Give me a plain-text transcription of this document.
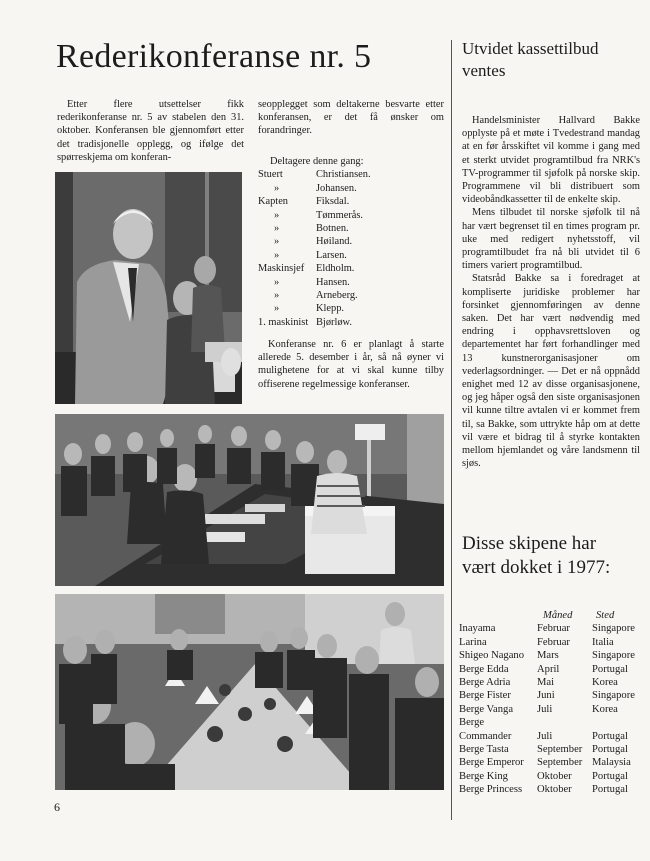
Rederikonferanse nr. 5

Etter flere utsettelser fikk rederikonferanse nr. 5 av stabelen den 31. oktober. Konferansen ble gjennomført etter det tradisjonelle opplegg, og ifølge det spørreskjema om konferan-

seopplegget som deltakerne besvarte etter konferansen, er det få ønsker om forandringer.

Deltagere denne gang:
Stuert	Christiansen.
»	Johansen.
Kapten	Fiksdal.
»	Tømmerås.
»	Botnen.
»	Høiland.
»	Larsen.
Maskinsjef	Eldholm.
»	Hansen.
»	Arneberg.
»	Klepp.
1. maskinist Bjørløw.

Konferanse nr. 6 er planlagt å starte allerede 5. desember i år, så nå øyner vi mulighetene for at vi skal kunne tilby offiserene regelmessige konferanser.

Utvidet kassettilbud ventes

Handelsminister Hallvard Bakke opplyste på et møte i Tvedestrand mandag at en før årsskiftet vil komme i gang med et sterkt utvidet programtilbud fra NRK's TV-programmer til sjøfolk på norske skip. Programmene vil bli distribuert som videobåndkassetter til de enkelte skip.

Mens tilbudet til norske sjøfolk til nå har vært begrenset til en times program pr. uke med redigert nyhetsstoff, vil programtilbudet fra nå bli utvidet til 6 timers variert programtilbud.

Statsråd Bakke sa i foredraget at kompliserte juridiske problemer har forsinket gjennomføringen av denne saken. Det har vært nødvendig med endring i opphavsrettsloven og departementet har ført forhandlinger med 13 kunstnerorganisasjoner om vederlagsordninger. — Det er nå oppnådd enighet med 12 av disse organisasjonene, og jeg håper også den siste organisasjonen vil kunne tiltre avtalen vi er kommet frem til, sa Bakke, som uttrykte håp om at dette vil være et bidrag til å styrke kontakten mellom hjemlandet og våre landsmenn til sjøs.

Disse skipene har vært dokket i 1977:
Måned	Sted
Inayama	Februar	Singapore
Larina	Februar	Italia
Shigeo Nagano	Mars	Singapore
Berge Edda	April	Portugal
Berge Adria	Mai	Korea
Berge Fister	Juni	Singapore
Berge Vanga	Juli	Korea
Berge
Commander	Juli	Portugal
Berge Tasta	September Portugal
Berge Emperor	September Malaysia
Berge King	Oktober	Portugal
Berge Princess	Oktober	Portugal
6
